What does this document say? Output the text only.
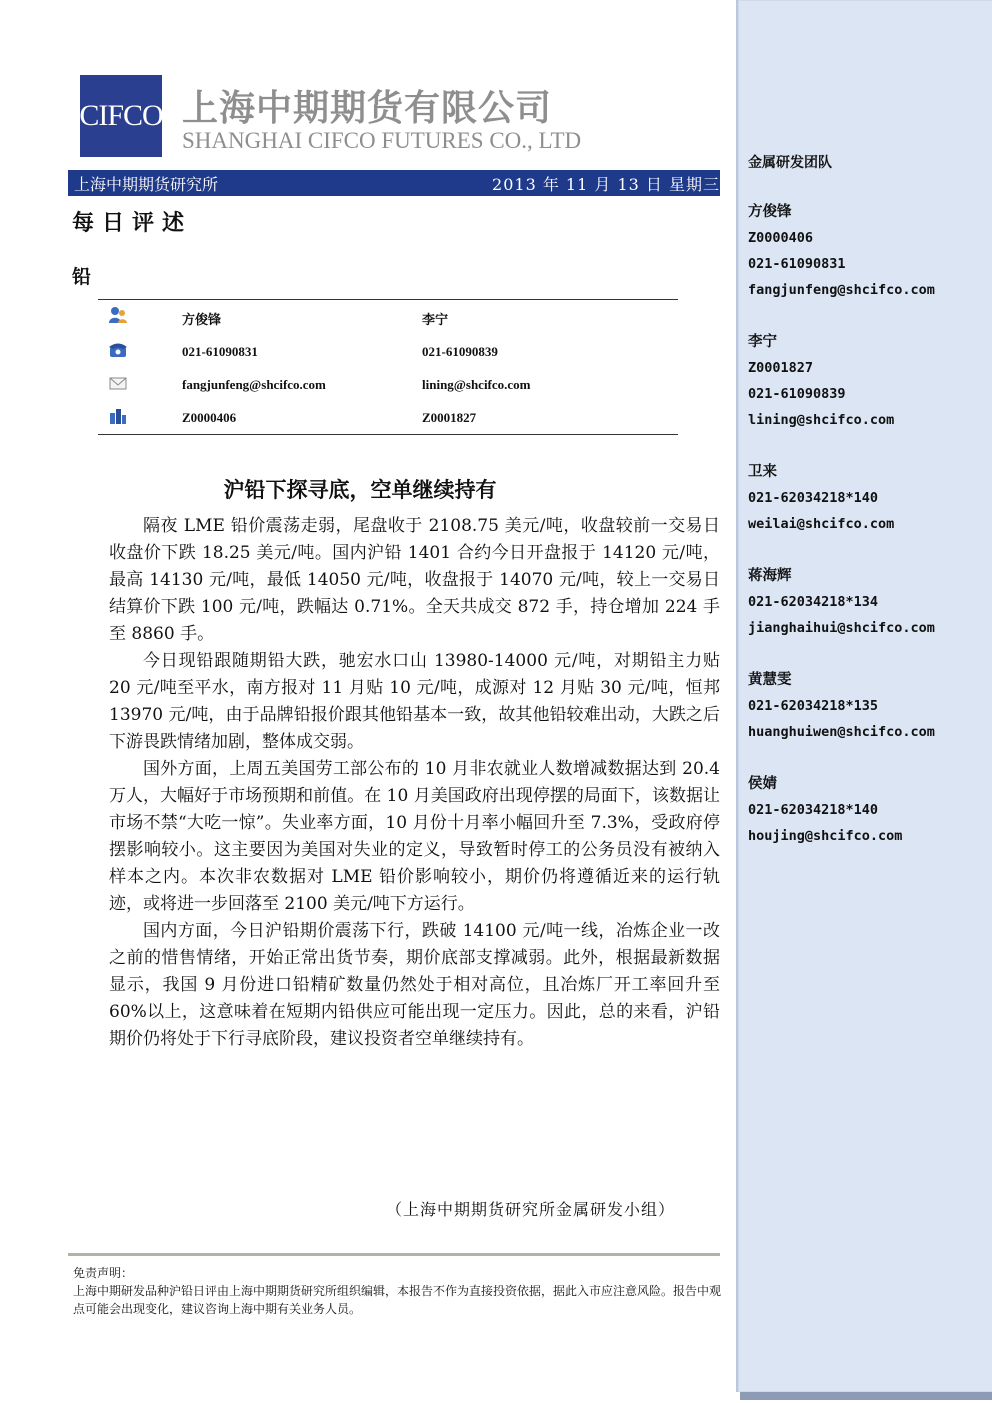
CIFCO 上海中期期货有限公司
SHANGHAI CIFCO FUTURES CO., LTD
上海中期期货研究所	2013 年 11 月 13 日 星期三
每日评述
铅
方俊锋	李宁
021-61090831	021-61090839
fangjunfeng@shcifco.com	lining@shcifco.com
Z0000406	Z0001827
沪铅下探寻底，空单继续持有

隔夜 LME 铅价震荡走弱，尾盘收于 2108.75 美元/吨，收盘较前一交易日收盘价下跌 18.25 美元/吨。国内沪铅 1401 合约今日开盘报于 14120 元/吨，最高 14130 元/吨，最低 14050 元/吨，收盘报于 14070 元/吨，较上一交易日结算价下跌 100 元/吨，跌幅达 0.71%。全天共成交 872 手，持仓增加 224 手至 8860 手。

今日现铅跟随期铅大跌，驰宏水口山 13980-14000 元/吨，对期铅主力贴 20 元/吨至平水，南方报对 11 月贴 10 元/吨，成源对 12 月贴 30 元/吨，恒邦 13970 元/吨，由于品牌铅报价跟其他铅基本一致，故其他铅较难出动，大跌之后下游畏跌情绪加剧，整体成交弱。

国外方面，上周五美国劳工部公布的 10 月非农就业人数增减数据达到 20.4 万人，大幅好于市场预期和前值。在 10 月美国政府出现停摆的局面下，该数据让市场不禁“大吃一惊”。失业率方面，10 月份十月率小幅回升至 7.3%，受政府停摆影响较小。这主要因为美国对失业的定义，导致暂时停工的公务员没有被纳入样本之内。本次非农数据对 LME 铅价影响较小，期价仍将遵循近来的运行轨迹，或将进一步回落至 2100 美元/吨下方运行。

国内方面，今日沪铅期价震荡下行，跌破 14100 元/吨一线，冶炼企业一改之前的惜售情绪，开始正常出货节奏，期价底部支撑减弱。此外，根据最新数据显示，我国 9 月份进口铅精矿数量仍然处于相对高位，且冶炼厂开工率回升至 60%以上，这意味着在短期内铅供应可能出现一定压力。因此，总的来看，沪铅期价仍将处于下行寻底阶段，建议投资者空单继续持有。

（上海中期期货研究所金属研发小组）
免责声明：
上海中期研发品种沪铅日评由上海中期期货研究所组织编辑，本报告不作为直接投资依据，据此入市应注意风险。报告中观点可能会出现变化，建议咨询上海中期有关业务人员。
金属研发团队
方俊锋
Z0000406
021-61090831
fangjunfeng@shcifco.com
李宁
Z0001827
021-61090839
lining@shcifco.com
卫来
021-62034218*140
weilai@shcifco.com
蒋海辉
021-62034218*134
jianghaihui@shcifco.com
黄慧雯
021-62034218*135
huanghuiwen@shcifco.com
侯婧
021-62034218*140
houjing@shcifco.com
